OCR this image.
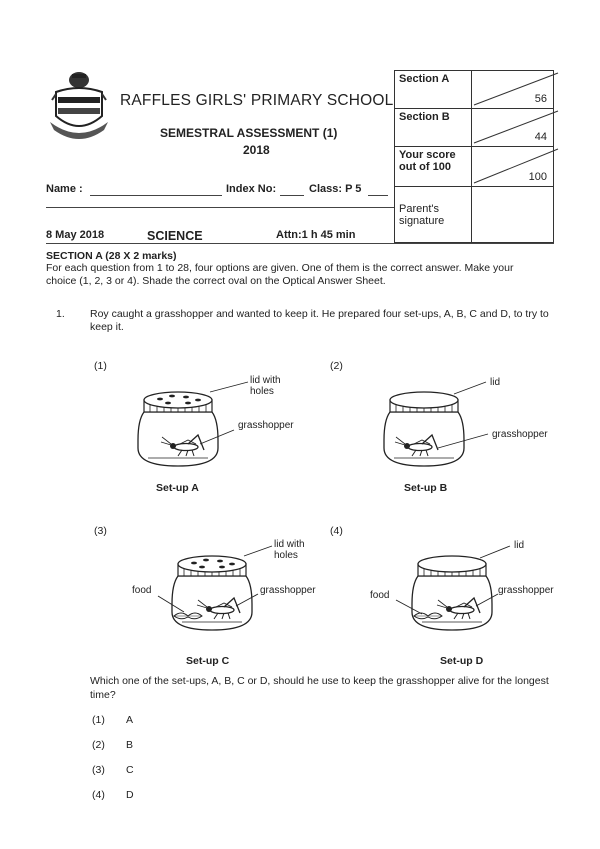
RAFFLES GIRLS' PRIMARY SCHOOL
SEMESTRAL ASSESSMENT (1)
2018
Section A	56

Section B	44

Your score out of 100	100

Parent's signature	
Name :	Index No:	Class: P 5
8 May 2018	SCIENCE	Attn:1 h 45 min
SECTION A (28 X 2 marks)
For each question from 1 to 28, four options are given. One of them is the correct answer. Make your choice (1, 2, 3 or 4). Shade the correct oval on the Optical Answer Sheet.
1. Roy caught a grasshopper and wanted to keep it. He prepared four set-ups, A, B, C and D, to try to keep it.
(1)	(2)
(3)	(4)
lid with holes
grasshopper
Set-up A
lid
grasshopper
Set-up B
lid with holes
grasshopper
food
Set-up C
lid
grasshopper
food
Set-up D
Which one of the set-ups, A, B, C or D, should he use to keep the grasshopper alive for the longest time?
(1) A
(2) B
(3) C
(4) D
